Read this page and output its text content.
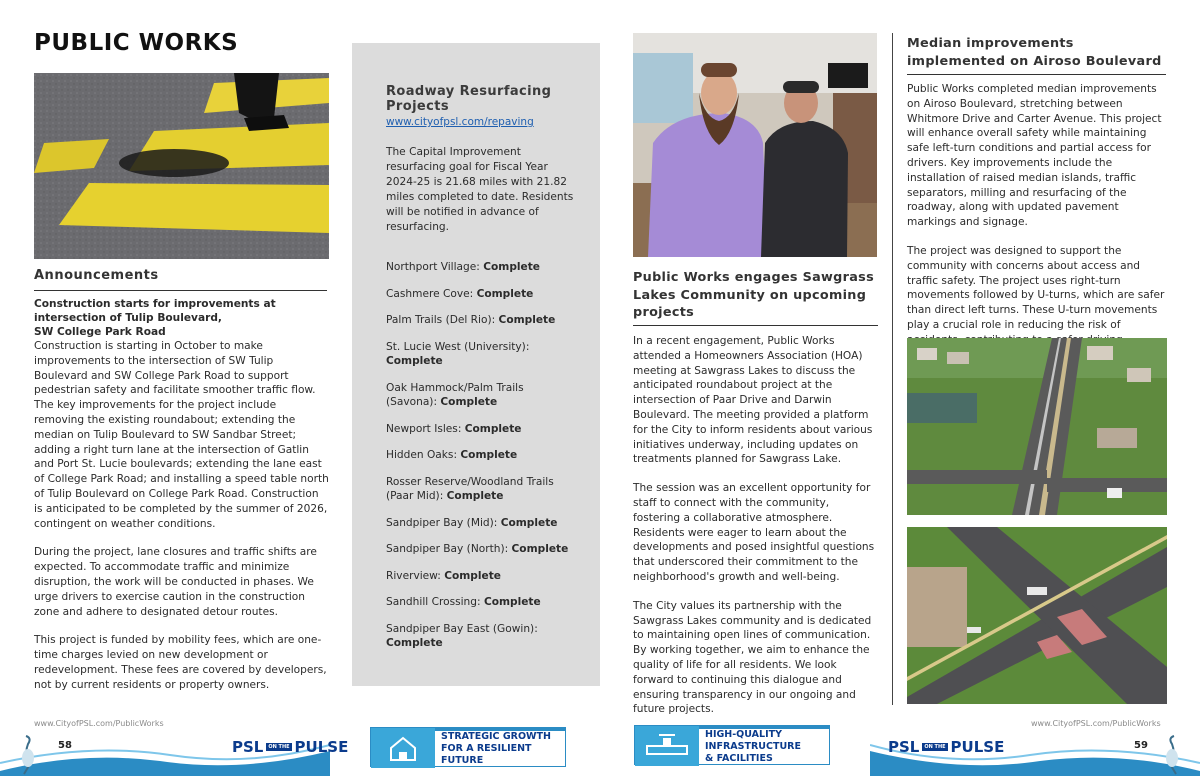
PUBLIC WORKS
Announcements
Construction starts for improvements at
intersection of Tulip Boulevard,
SW College Park Road

Construction is starting in October to make improvements to the intersection of SW Tulip Boulevard and SW College Park Road to support pedestrian safety and facilitate smoother traffic flow. The key improvements for the project include removing the existing roundabout; extending the median on Tulip Boulevard to SW Sandbar Street; adding a right turn lane at the intersection of Gatlin and Port St. Lucie boulevards; extending the lane east of College Park Road; and installing a speed table north of Tulip Boulevard on College Park Road. Construction is anticipated to be completed by the summer of 2026, contingent on weather conditions.

During the project, lane closures and traffic shifts are expected. To accommodate traffic and minimize disruption, the work will be conducted in phases. We urge drivers to exercise caution in the construction zone and adhere to designated detour routes.

This project is funded by mobility fees, which are one-time charges levied on new development or redevelopment. These fees are covered by developers, not by current residents or property owners.

Roadway Resurfacing Projects
www.cityofpsl.com/repaving
The Capital Improvement resurfacing goal for Fiscal Year 2024-25 is 21.68 miles with 21.82 miles completed to date. Residents will be notified in advance of resurfacing.
Northport Village: Complete
Cashmere Cove: Complete
Palm Trails (Del Rio): Complete
St. Lucie West (University): Complete
Oak Hammock/Palm Trails (Savona): Complete
Newport Isles: Complete
Hidden Oaks: Complete
Rosser Reserve/Woodland Trails (Paar Mid): Complete
Sandpiper Bay (Mid): Complete
Sandpiper Bay (North): Complete
Riverview: Complete
Sandhill Crossing: Complete
Sandpiper Bay East (Gowin): Complete
Public Works engages Sawgrass Lakes Community on upcoming projects

In a recent engagement, Public Works attended a Homeowners Association (HOA) meeting at Sawgrass Lakes to discuss the anticipated roundabout project at the intersection of Paar Drive and Darwin Boulevard. The meeting provided a platform for the City to inform residents about various initiatives underway, including updates on treatments planned for Sawgrass Lake.

The session was an excellent opportunity for staff to connect with the community, fostering a collaborative atmosphere. Residents were eager to learn about the developments and posed insightful questions that underscored their commitment to the neighborhood's growth and well-being.

The City values its partnership with the Sawgrass Lakes community and is dedicated to maintaining open lines of communication. By working together, we aim to enhance the quality of life for all residents. We look forward to continuing this dialogue and ensuring transparency in our ongoing and future projects.

Median improvements implemented on Airoso Boulevard

Public Works completed median improvements on Airoso Boulevard, stretching between Whitmore Drive and Carter Avenue. This project will enhance overall safety while maintaining safe left-turn conditions and partial access for drivers. Key improvements include the installation of raised median islands, traffic separators, milling and resurfacing of the roadway, along with updated pavement markings and signage.

The project was designed to support the community with concerns about access and traffic safety. The project uses right-turn movements followed by U-turns, which are safer than direct left turns. These U-turn movements play a crucial role in reducing the risk of

www.CityofPSL.com/PublicWorks
58	PSL	ON THE PULSE
STRATEGIC GROWTH
FOR A RESILIENT
FUTURE
HIGH-QUALITY
INFRASTRUCTURE
& FACILITIES
www.CityofPSL.com/PublicWorks
PSL	ON THE PULSE	59
